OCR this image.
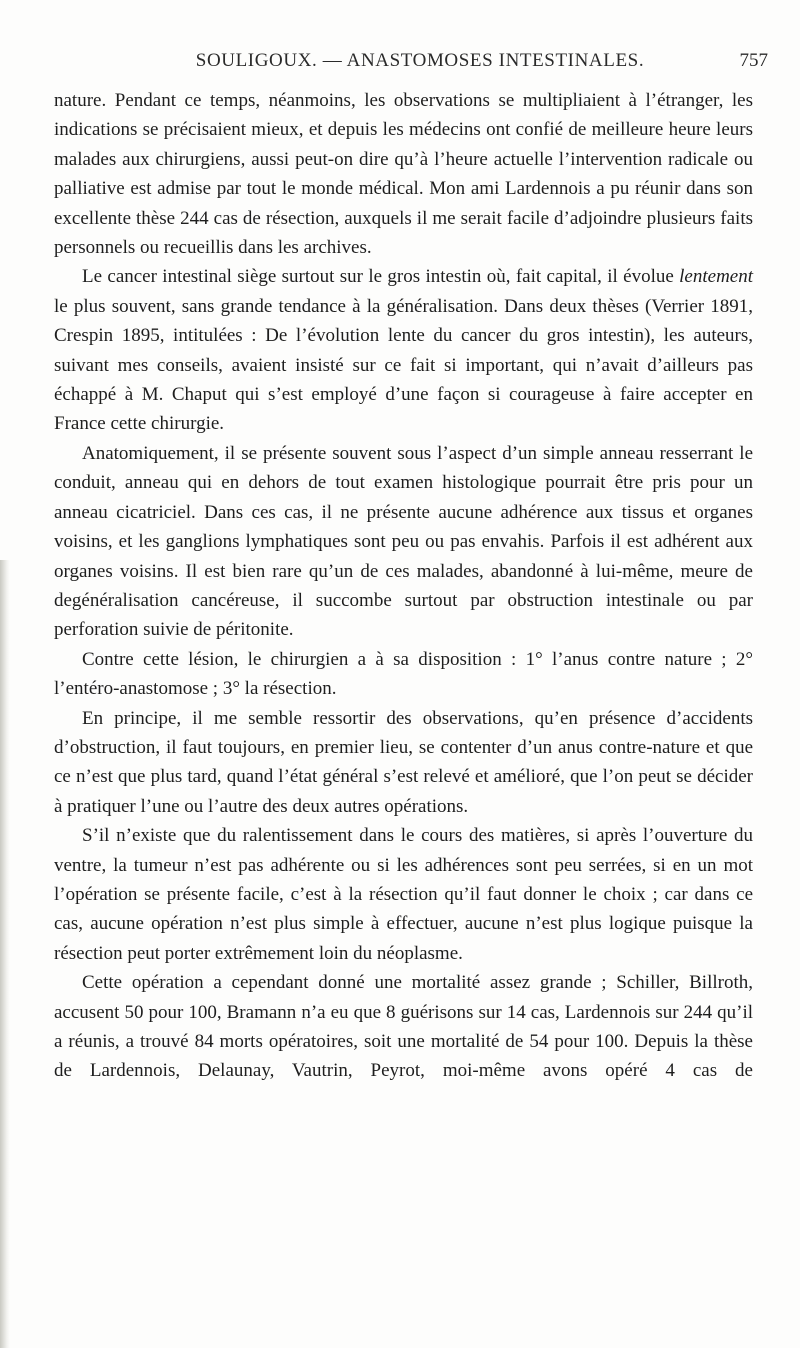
SOULIGOUX. — ANASTOMOSES INTESTINALES.	757

nature. Pendant ce temps, néanmoins, les observations se multipliaient à l’étranger, les indications se précisaient mieux, et depuis les médecins ont confié de meilleure heure leurs malades aux chirurgiens, aussi peut-on dire qu’à l’heure actuelle l’intervention radicale ou palliative est admise par tout le monde médical. Mon ami Lardennois a pu réunir dans son excellente thèse 244 cas de résection, auxquels il me serait facile d’adjoindre plusieurs faits personnels ou recueillis dans les archives.

Le cancer intestinal siège surtout sur le gros intestin où, fait capital, il évolue lentement le plus souvent, sans grande tendance à la généralisation. Dans deux thèses (Verrier 1891, Crespin 1895, intitulées : De l’évolution lente du cancer du gros intestin), les auteurs, suivant mes conseils, avaient insisté sur ce fait si important, qui n’avait d’ailleurs pas échappé à M. Chaput qui s’est employé d’une façon si courageuse à faire accepter en France cette chirurgie.

Anatomiquement, il se présente souvent sous l’aspect d’un simple anneau resserrant le conduit, anneau qui en dehors de tout examen histologique pourrait être pris pour un anneau cicatriciel. Dans ces cas, il ne présente aucune adhérence aux tissus et organes voisins, et les ganglions lymphatiques sont peu ou pas envahis. Parfois il est adhérent aux organes voisins. Il est bien rare qu’un de ces malades, abandonné à lui-même, meure de degénéralisation cancéreuse, il succombe surtout par obstruction intestinale ou par perforation suivie de péritonite.

Contre cette lésion, le chirurgien a à sa disposition : 1° l’anus contre nature ; 2° l’entéro-anastomose ; 3° la résection.

En principe, il me semble ressortir des observations, qu’en présence d’accidents d’obstruction, il faut toujours, en premier lieu, se contenter d’un anus contre-nature et que ce n’est que plus tard, quand l’état général s’est relevé et amélioré, que l’on peut se décider à pratiquer l’une ou l’autre des deux autres opérations.

S’il n’existe que du ralentissement dans le cours des matières, si après l’ouverture du ventre, la tumeur n’est pas adhérente ou si les adhérences sont peu serrées, si en un mot l’opération se présente facile, c’est à la résection qu’il faut donner le choix ; car dans ce cas, aucune opération n’est plus simple à effectuer, aucune n’est plus logique puisque la résection peut porter extrêmement loin du néoplasme.

Cette opération a cependant donné une mortalité assez grande ; Schiller, Billroth, accusent 50 pour 100, Bramann n’a eu que 8 guérisons sur 14 cas, Lardennois sur 244 qu’il a réunis, a trouvé 84 morts opératoires, soit une mortalité de 54 pour 100. Depuis la thèse de Lardennois, Delaunay, Vautrin, Peyrot, moi-même avons opéré 4 cas de
